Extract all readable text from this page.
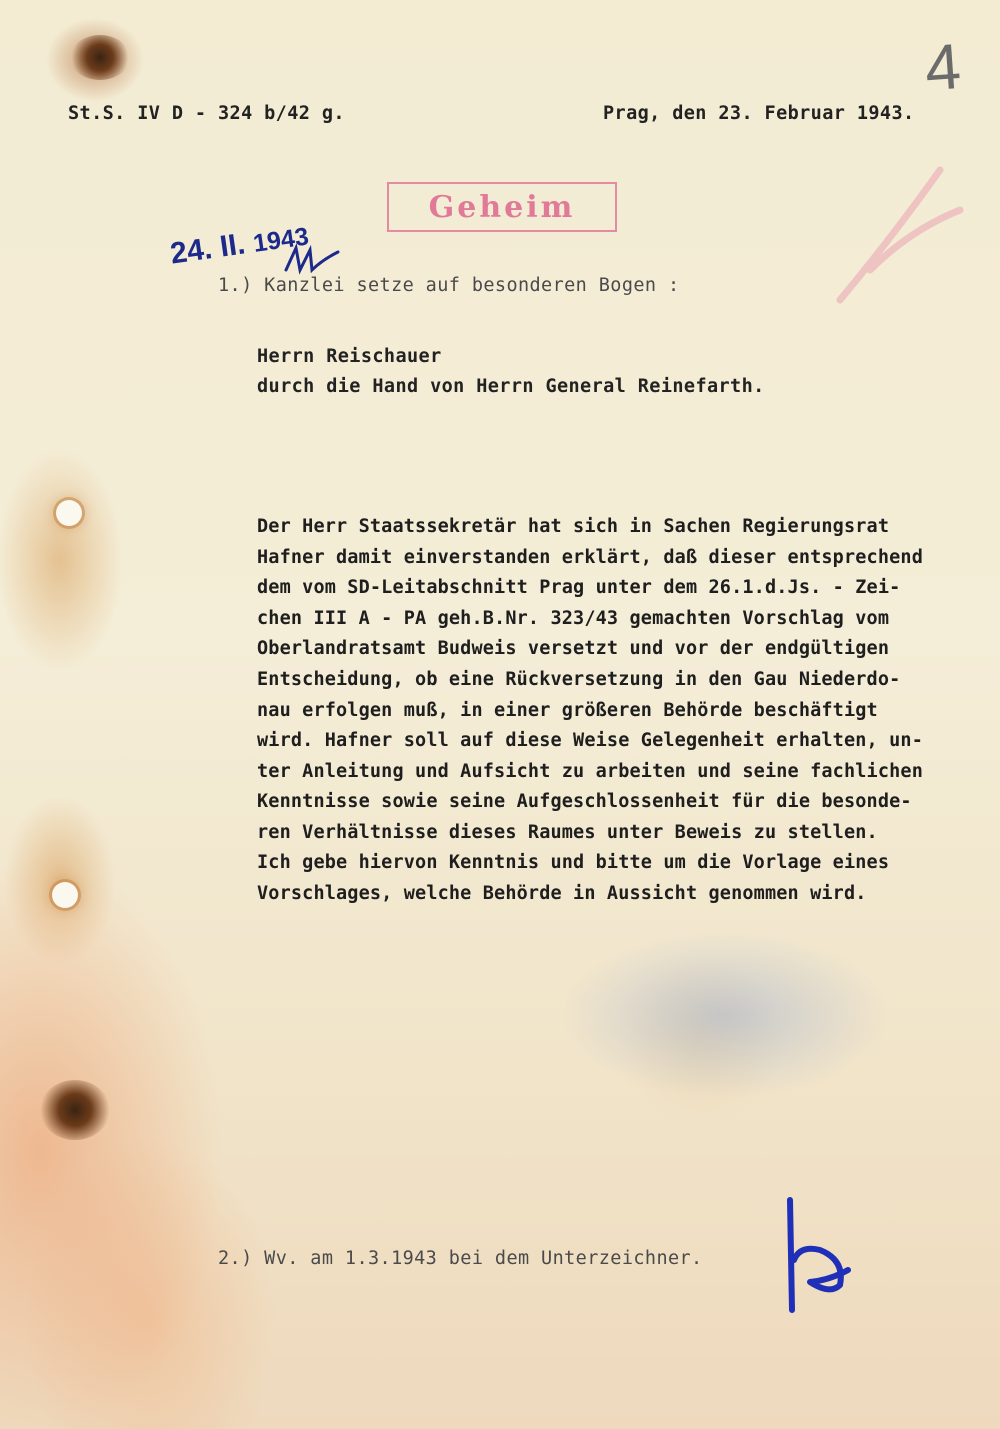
St.S. IV D - 324 b/42 g.	Prag, den 23. Februar 1943.
4
Geheim
24. II. 1943
1.) Kanzlei setze auf besonderen Bogen :
Herrn Reischauer
durch die Hand von Herrn General Reinefarth.
Der Herr Staatssekretär hat sich in Sachen Regierungsrat
Hafner damit einverstanden erklärt, daß dieser entsprechend
dem vom SD-Leitabschnitt Prag unter dem 26.1.d.Js. - Zei-
chen III A - PA geh.B.Nr. 323/43 gemachten Vorschlag vom
Oberlandratsamt Budweis versetzt und vor der endgültigen
Entscheidung, ob eine Rückversetzung in den Gau Niederdo-
nau erfolgen muß, in einer größeren Behörde beschäftigt
wird. Hafner soll auf diese Weise Gelegenheit erhalten, un-
ter Anleitung und Aufsicht zu arbeiten und seine fachlichen
Kenntnisse sowie seine Aufgeschlossenheit für die besonde-
ren Verhältnisse dieses Raumes unter Beweis zu stellen.
Ich gebe hiervon Kenntnis und bitte um die Vorlage eines
Vorschlages, welche Behörde in Aussicht genommen wird.
2.) Wv. am 1.3.1943 bei dem Unterzeichner.
